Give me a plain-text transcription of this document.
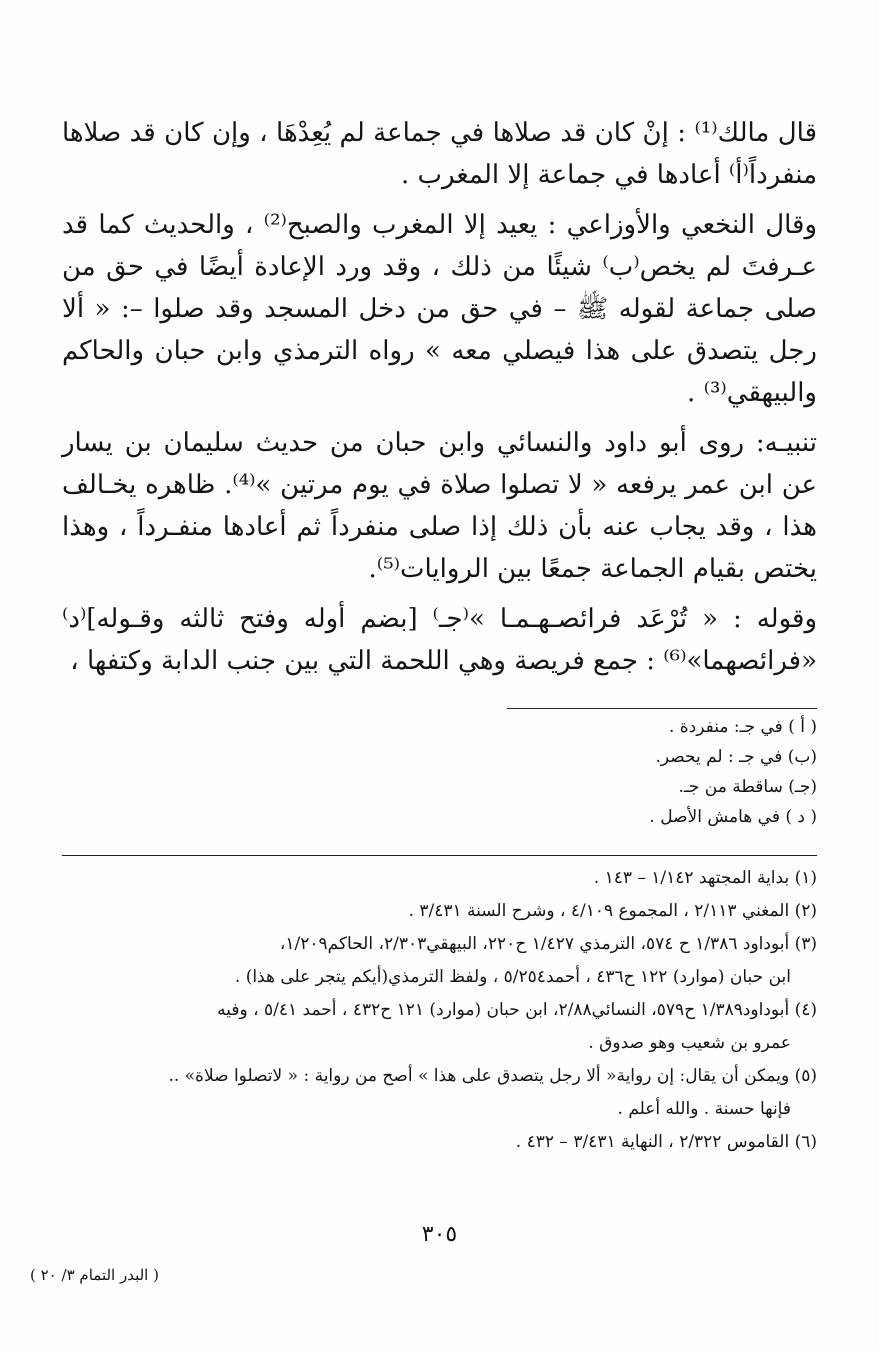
قال مالك⁽¹⁾ : إنْ كان قد صلاها في جماعة لم يُعِدْهَا ، وإن كان قد صلاها منفرداً⁽أ⁾ أعادها في جماعة إلا المغرب .

وقال النخعي والأوزاعي : يعيد إلا المغرب والصبح⁽²⁾ ، والحديث كما قد عـرفتَ لم يخص⁽ب⁾ شيئًا من ذلك ، وقد ورد الإعادة أيضًا في حق من صلى جماعة لقوله ﷺ – في حق من دخل المسجد وقد صلوا –: « ألا رجل يتصدق على هذا فيصلي معه » رواه الترمذي وابن حبان والحاكم والبيهقي⁽³⁾ .

تنبيـه: روى أبو داود والنسائي وابن حبان من حديث سليمان بن يسار عن ابن عمر يرفعه « لا تصلوا صلاة في يوم مرتين »⁽⁴⁾. ظاهره يخـالف هذا ، وقد يجاب عنه بأن ذلك إذا صلى منفرداً ثم أعادها منفـرداً ، وهذا يختص بقيام الجماعة جمعًا بين الروايات⁽⁵⁾.

وقوله : « تُرْعَد فرائصـهـمـا »⁽جـ⁾ [بضم أوله وفتح ثالثه وقـوله]⁽د⁾ «فرائصهما»⁽⁶⁾ : جمع فريصة وهي اللحمة التي بين جنب الدابة وكتفها ،

( أ ) في جـ: منفردة .
(ب) في جـ : لم يحصر.
(جـ) ساقطة من جـ.
( د ) في هامش الأصل .
(١) بداية المجتهد ١/١٤٢ – ١٤٣ .
(٢) المغني ٢/١١٣ ، المجموع ٤/١٠٩ ، وشرح السنة ٣/٤٣١ .
(٣) أبوداود ١/٣٨٦ ح ٥٧٤، الترمذي ١/٤٢٧ ح٢٢٠، البيهقي٢/٣٠٣، الحاكم١/٢٠٩،
ابن حبان (موارد) ١٢٢ ح٤٣٦ ، أحمد٥/٢٥٤ ، ولفظ الترمذي(أيكم يتجر على هذا) .
(٤) أبوداود١/٣٨٩ ح٥٧٩، النسائي٢/٨٨، ابن حبان (موارد) ١٢١ ح٤٣٢ ، أحمد ٥/٤١ ، وفيه
عمرو بن شعيب وهو صدوق .
(٥) ويمكن أن يقال: إن رواية« ألا رجل يتصدق على هذا » أصح من رواية : « لاتصلوا صلاة» ..
فإنها حسنة . والله أعلم .
(٦) القاموس ٢/٣٢٢ ، النهاية ٣/٤٣١ – ٤٣٢ .
٣٠٥
( البدر التمام ٣/ ٢٠ )
